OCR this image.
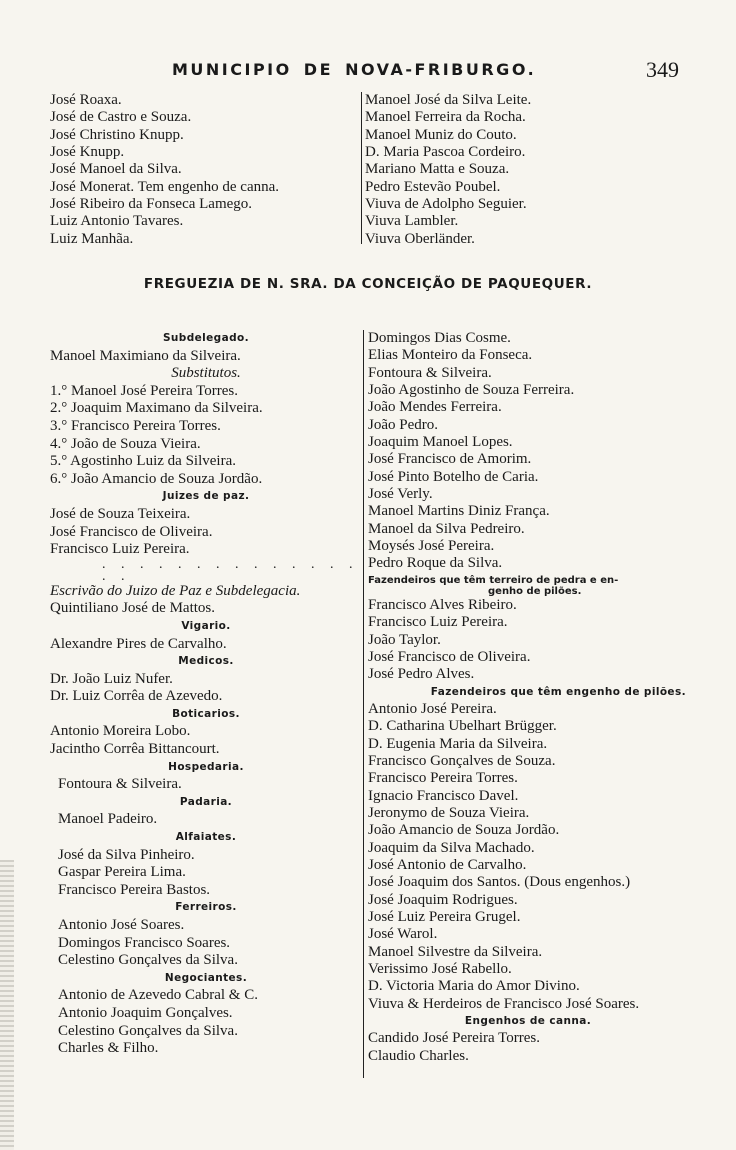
MUNICIPIO DE NOVA-FRIBURGO.	349
José Roaxa.
José de Castro e Souza.
José Christino Knupp.
José Knupp.
José Manoel da Silva.
José Monerat. Tem engenho de canna.
José Ribeiro da Fonseca Lamego.
Luiz Antonio Tavares.
Luiz Manhãa.
Manoel José da Silva Leite.
Manoel Ferreira da Rocha.
Manoel Muniz do Couto.
D. Maria Pascoa Cordeiro.
Mariano Matta e Souza.
Pedro Estevão Poubel.
Viuva de Adolpho Seguier.
Viuva Lambler.
Viuva Oberländer.
FREGUEZIA DE N. SRA. DA CONCEIÇÃO DE PAQUEQUER.
Subdelegado.
Manoel Maximiano da Silveira.
Substitutos.
1.° Manoel José Pereira Torres.
2.° Joaquim Maximano da Silveira.
3.° Francisco Pereira Torres.
4.° João de Souza Vieira.
5.° Agostinho Luiz da Silveira.
6.° João Amancio de Souza Jordão.
Juizes de paz.
José de Souza Teixeira.
José Francisco de Oliveira.
Francisco Luiz Pereira.
. . . . . . . . . . . . . . . .
Escrivão do Juizo de Paz e Subdelegacia.
Quintiliano José de Mattos.
Vigario.
Alexandre Pires de Carvalho.
Medicos.
Dr. João Luiz Nufer.
Dr. Luiz Corrêa de Azevedo.
Boticarios.
Antonio Moreira Lobo.
Jacintho Corrêa Bittancourt.
Hospedaria.
Fontoura & Silveira.
Padaria.
Manoel Padeiro.
Alfaiates.
José da Silva Pinheiro.
Gaspar Pereira Lima.
Francisco Pereira Bastos.
Ferreiros.
Antonio José Soares.
Domingos Francisco Soares.
Celestino Gonçalves da Silva.
Negociantes.
Antonio de Azevedo Cabral & C.
Antonio Joaquim Gonçalves.
Celestino Gonçalves da Silva.
Charles & Filho.
Domingos Dias Cosme.
Elias Monteiro da Fonseca.
Fontoura & Silveira.
João Agostinho de Souza Ferreira.
João Mendes Ferreira.
João Pedro.
Joaquim Manoel Lopes.
José Francisco de Amorim.
José Pinto Botelho de Caria.
José Verly.
Manoel Martins Diniz França.
Manoel da Silva Pedreiro.
Moysés José Pereira.
Pedro Roque da Silva.
Fazendeiros que têm terreiro de pedra e en-
genho de pilões.
Francisco Alves Ribeiro.
Francisco Luiz Pereira.
João Taylor.
José Francisco de Oliveira.
José Pedro Alves.
Fazendeiros que têm engenho de pilões.
Antonio José Pereira.
D. Catharina Ubelhart Brügger.
D. Eugenia Maria da Silveira.
Francisco Gonçalves de Souza.
Francisco Pereira Torres.
Ignacio Francisco Davel.
Jeronymo de Souza Vieira.
João Amancio de Souza Jordão.
Joaquim da Silva Machado.
José Antonio de Carvalho.
José Joaquim dos Santos. (Dous engenhos.)
José Joaquim Rodrigues.
José Luiz Pereira Grugel.
José Warol.
Manoel Silvestre da Silveira.
Verissimo José Rabello.
D. Victoria Maria do Amor Divino.
Viuva & Herdeiros de Francisco José Soares.
Engenhos de canna.
Candido José Pereira Torres.
Claudio Charles.
